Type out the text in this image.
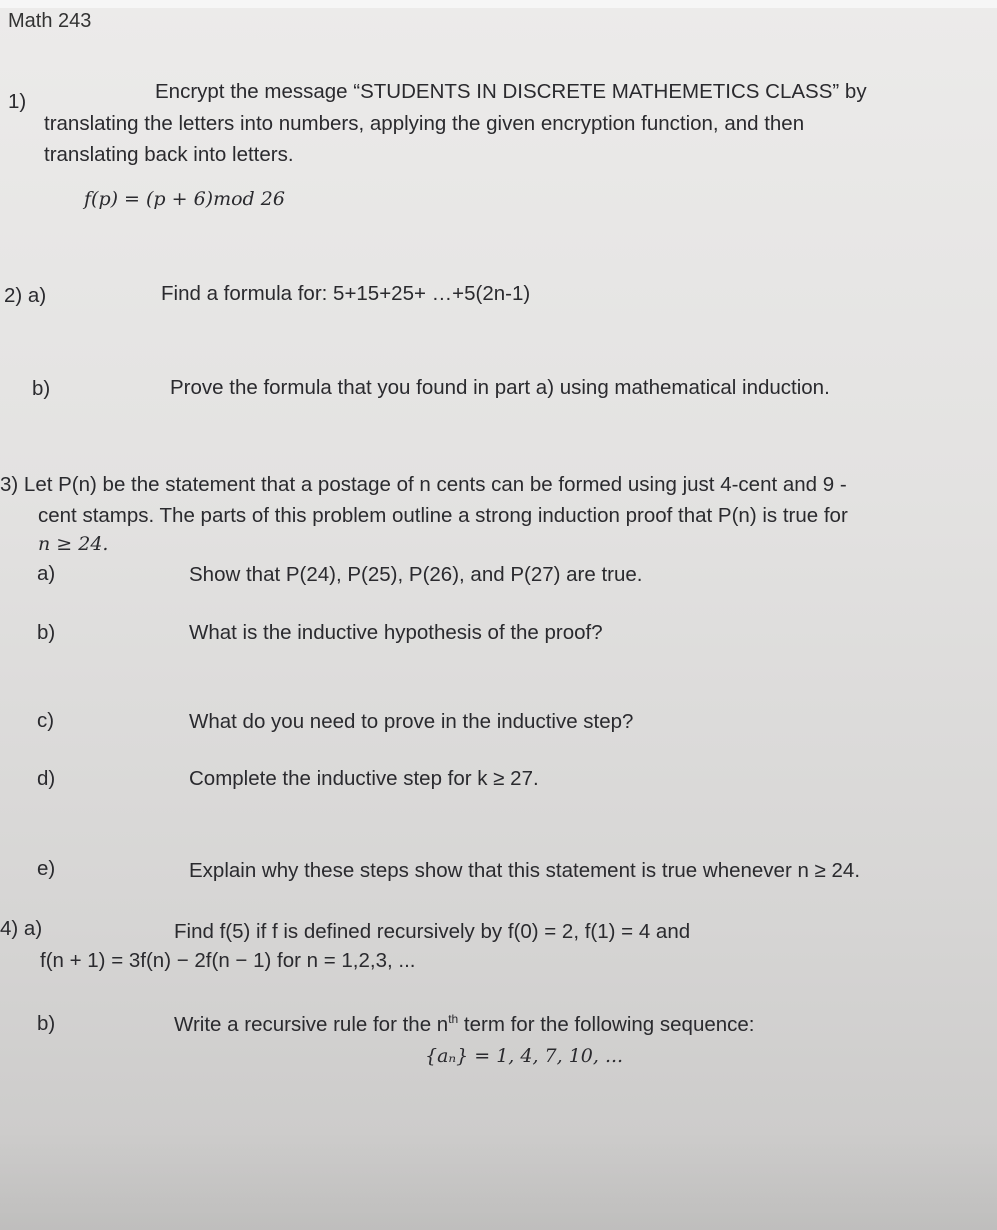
Math 243
1)	Encrypt the message “STUDENTS IN DISCRETE MATHEMETICS CLASS” by
translating the letters into numbers, applying the given encryption function, and then
translating back into letters.
f(p) = (p + 6)mod 26
2) a)	Find a formula for: 5+15+25+ …+5(2n-1)
b)	Prove the formula that you found in part a) using mathematical induction.
3) Let P(n) be the statement that a postage of n cents can be formed using just 4-cent and 9 -
cent stamps. The parts of this problem outline a strong induction proof that P(n) is true for
n ≥ 24.
a)	Show that P(24), P(25), P(26), and P(27) are true.
b)	What is the inductive hypothesis of the proof?
c)	What do you need to prove in the inductive step?
d)	Complete the inductive step for k ≥ 27.
e)	Explain why these steps show that this statement is true whenever n ≥ 24.
4) a)	Find f(5) if f is defined recursively by f(0) = 2, f(1) = 4 and
f(n + 1) = 3f(n) − 2f(n − 1) for n = 1,2,3, ...
b)	Write a recursive rule for the $n^{th}$ term for the following sequence:
{aₙ} = 1, 4, 7, 10, ...
